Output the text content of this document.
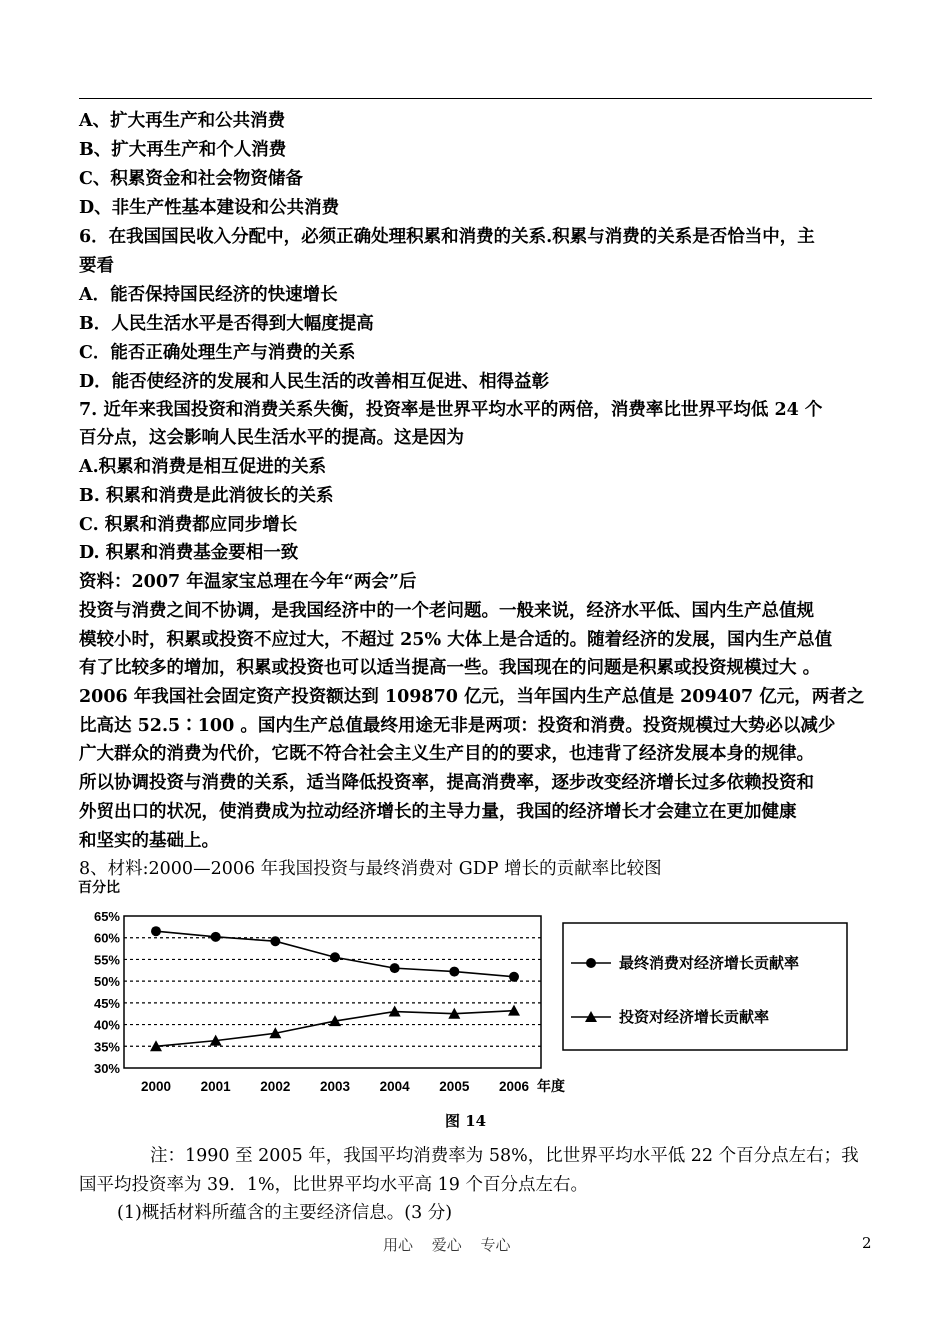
A、扩大再生产和公共消费
B、扩大再生产和个人消费
C、积累资金和社会物资储备
D、非生产性基本建设和公共消费
6．在我国国民收入分配中，必须正确处理积累和消费的关系.积累与消费的关系是否恰当中，主
要看
A．能否保持国民经济的快速增长
B．人民生活水平是否得到大幅度提高
C．能否正确处理生产与消费的关系
D．能否使经济的发展和人民生活的改善相互促进、相得益彰
7. 近年来我国投资和消费关系失衡，投资率是世界平均水平的两倍，消费率比世界平均低 24 个
百分点，这会影响人民生活水平的提高。这是因为
A.积累和消费是相互促进的关系
B. 积累和消费是此消彼长的关系
C. 积累和消费都应同步增长
D. 积累和消费基金要相一致
资料：2007 年温家宝总理在今年“两会”后
投资与消费之间不协调，是我国经济中的一个老问题。一般来说，经济水平低、国内生产总值规
模较小时，积累或投资不应过大，不超过 25% 大体上是合适的。随着经济的发展，国内生产总值
有了比较多的增加，积累或投资也可以适当提高一些。我国现在的问题是积累或投资规模过大 。
2006 年我国社会固定资产投资额达到 109870 亿元，当年国内生产总值是 209407 亿元，两者之
比高达 52.5∶100 。国内生产总值最终用途无非是两项：投资和消费。投资规模过大势必以减少
广大群众的消费为代价，它既不符合社会主义生产目的的要求，也违背了经济发展本身的规律。
所以协调投资与消费的关系，适当降低投资率，提高消费率，逐步改变经济增长过多依赖投资和
外贸出口的状况，使消费成为拉动经济增长的主导力量，我国的经济增长才会建立在更加健康
和坚实的基础上。
8、材料:2000—2006 年我国投资与最终消费对 GDP 增长的贡献率比较图
百分比
65%
60%
55%
50%
45%
40%
35%
30%
2000 2001 2002 2003 2004 2005 2006 年度
最终消费对经济增长贡献率
投资对经济增长贡献率
图 14
注：1990 至 2005 年，我国平均消费率为 58%，比世界平均水平低 22 个百分点左右；我
国平均投资率为 39．1%，比世界平均水平高 19 个百分点左右。
(1)概括材料所蕴含的主要经济信息。(3 分)
用心 爱心 专心	2
